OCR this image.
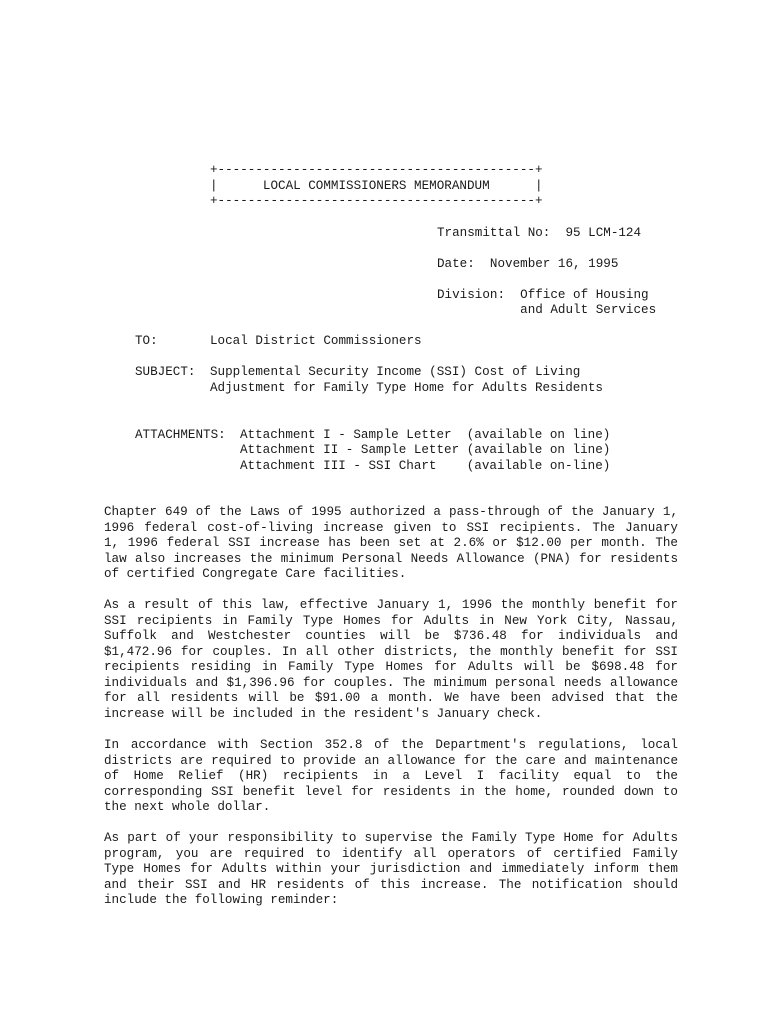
+------------------------------------------+
|      LOCAL COMMISSIONERS MEMORANDUM      |
+------------------------------------------+
Transmittal No:  95 LCM-124
Date:  November 16, 1995
Division:  Office of Housing
and Adult Services
TO:	Local District Commissioners
SUBJECT: Supplemental Security Income (SSI) Cost of Living
Adjustment for Family Type Home for Adults Residents
ATTACHMENTS: Attachment I - Sample Letter  (available on line)
Attachment II - Sample Letter (available on line)
Attachment III - SSI Chart    (available on-line)
Chapter 649 of the Laws of 1995 authorized a pass-through of the January 1, 1996 federal cost-of-living increase given to SSI recipients. The January 1, 1996 federal SSI increase has been set at 2.6% or $12.00 per month. The law also increases the minimum Personal Needs Allowance (PNA) for residents of certified Congregate Care facilities.
As a result of this law, effective January 1, 1996 the monthly benefit for SSI recipients in Family Type Homes for Adults in New York City, Nassau, Suffolk and Westchester counties will be $736.48 for individuals and $1,472.96 for couples. In all other districts, the monthly benefit for SSI recipients residing in Family Type Homes for Adults will be $698.48 for individuals and $1,396.96 for couples. The minimum personal needs allowance for all residents will be $91.00 a month. We have been advised that the increase will be included in the resident's January check.
In accordance with Section 352.8 of the Department's regulations, local districts are required to provide an allowance for the care and maintenance of Home Relief (HR) recipients in a Level I facility equal to the corresponding SSI benefit level for residents in the home, rounded down to the next whole dollar.
As part of your responsibility to supervise the Family Type Home for Adults program, you are required to identify all operators of certified Family Type Homes for Adults within your jurisdiction and immediately inform them and their SSI and HR residents of this increase. The notification should include the following reminder:
